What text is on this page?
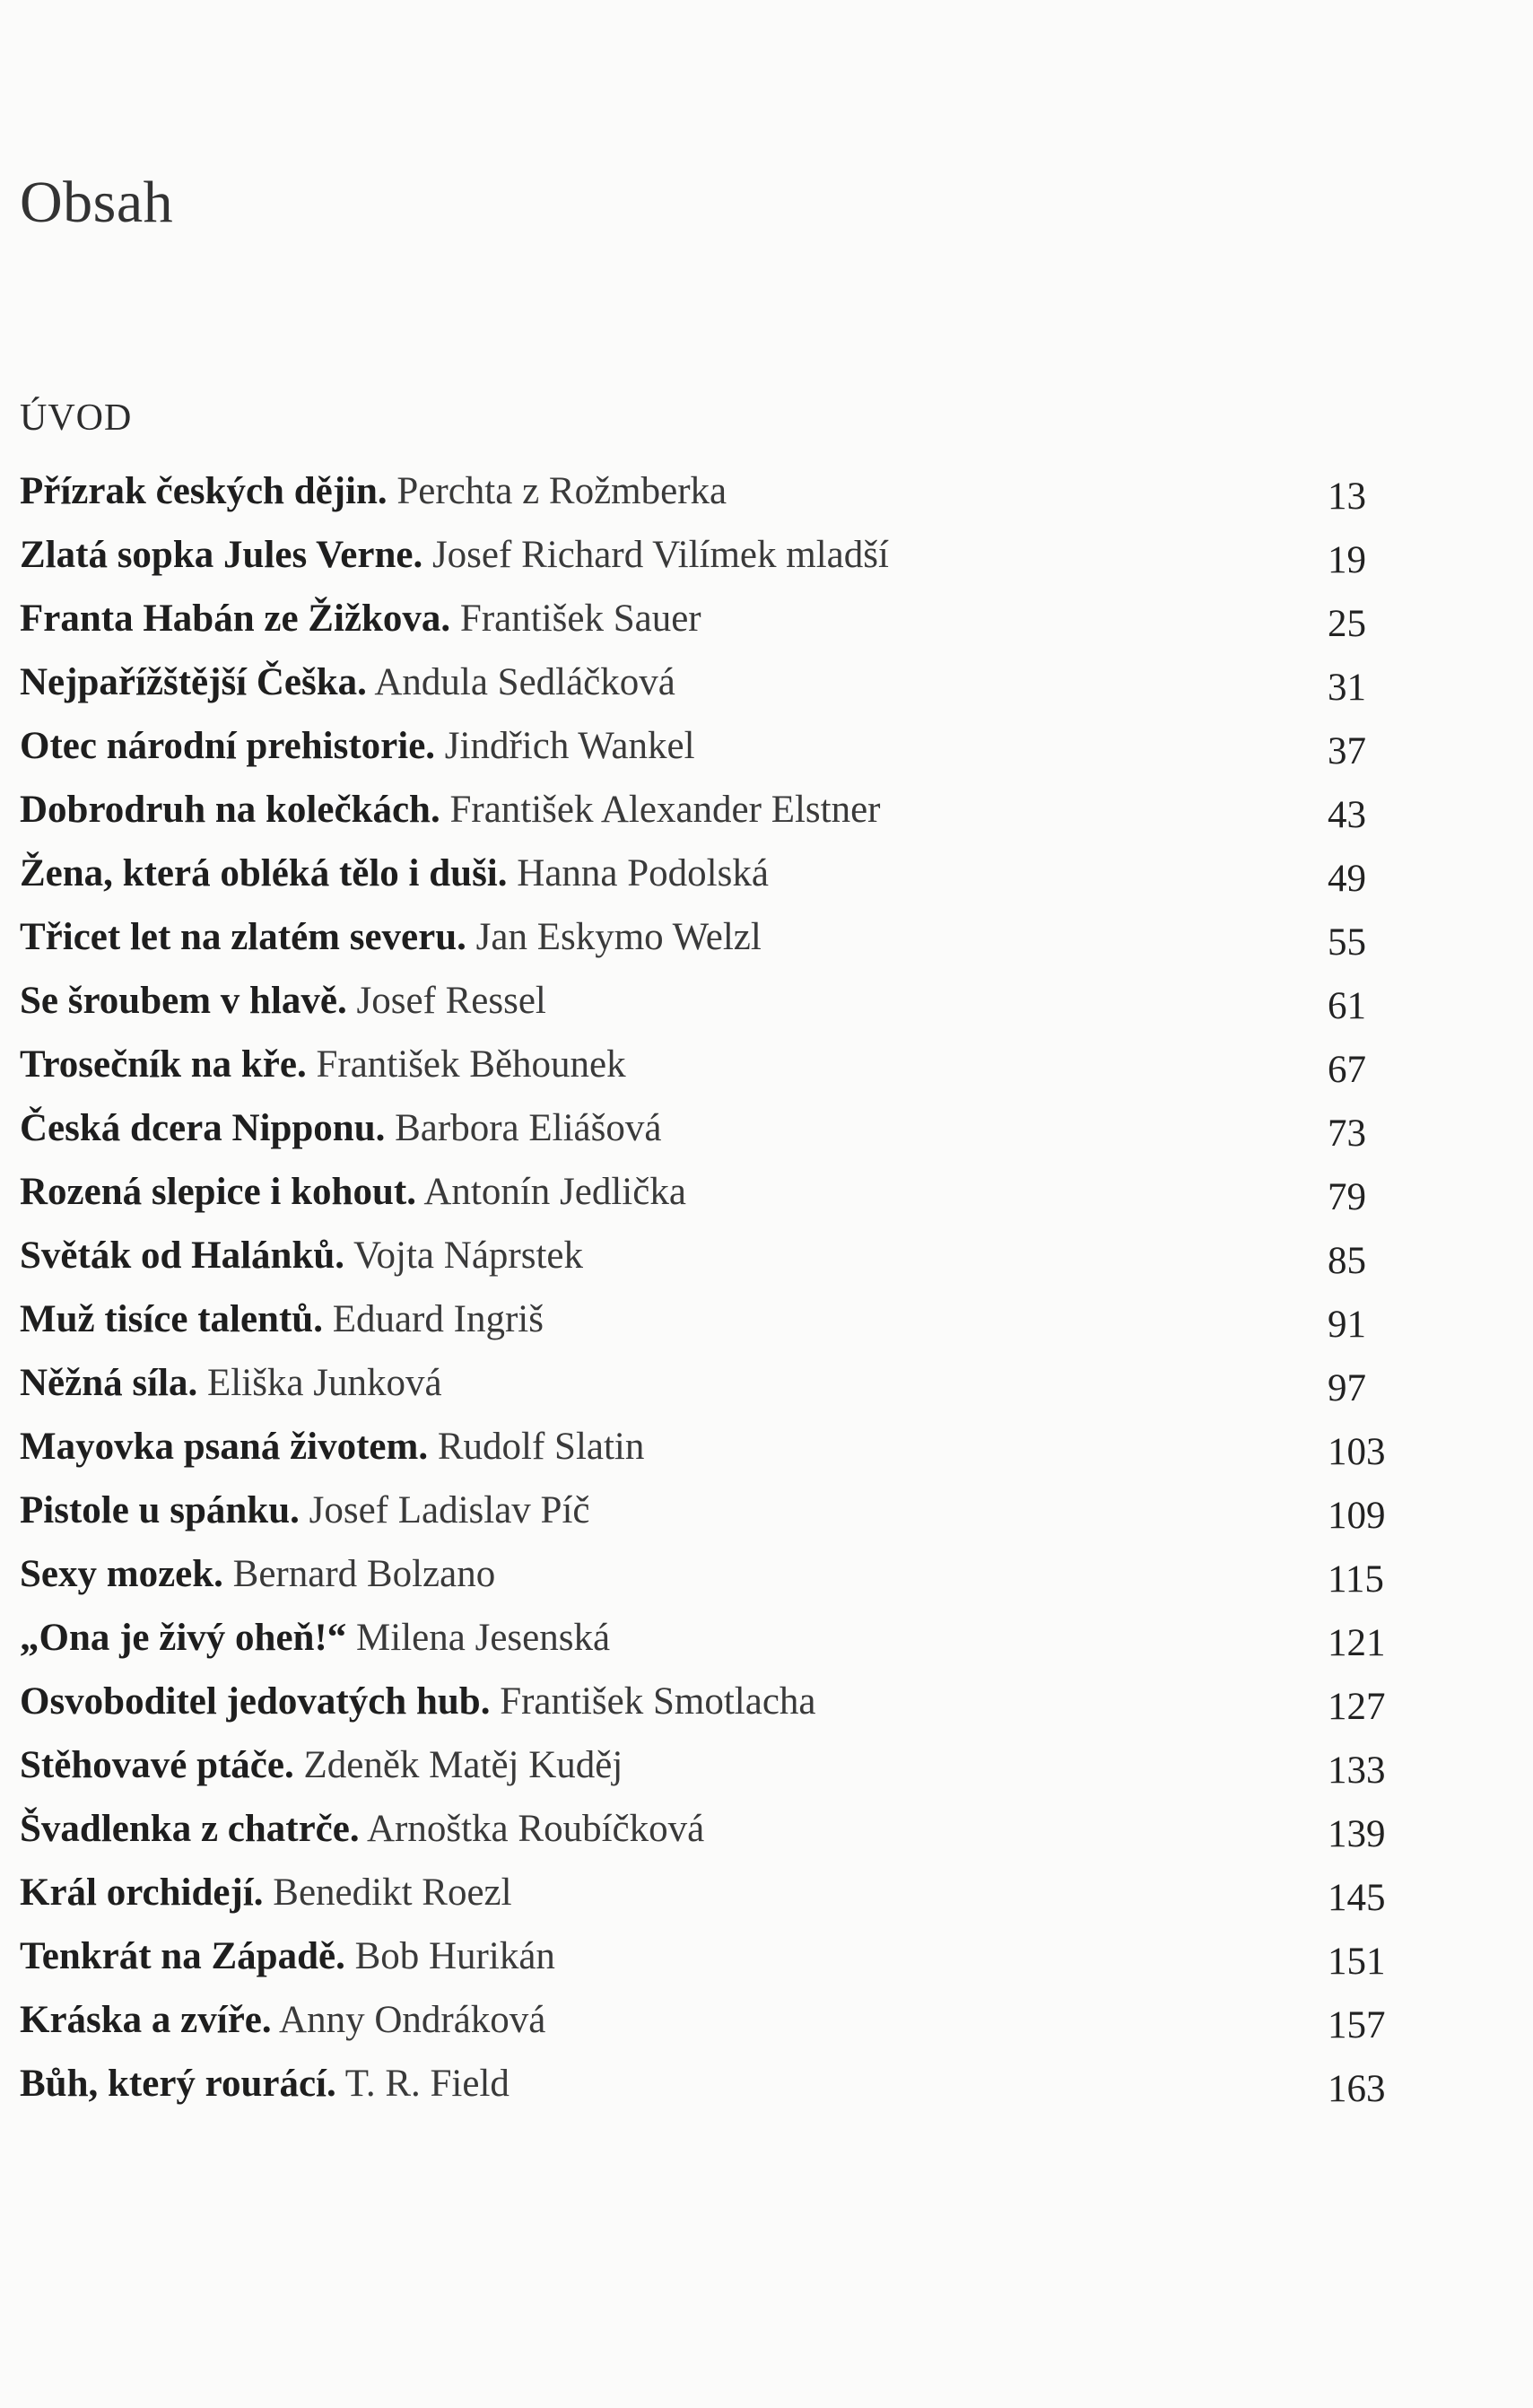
Obsah
ÚVOD
Přízrak českých dějin. Perchta z Rožmberka	13
Zlatá sopka Jules Verne. Josef Richard Vilímek mladší	19
Franta Habán ze Žižkova. František Sauer	25
Nejpařížštější Češka. Andula Sedláčková	31
Otec národní prehistorie. Jindřich Wankel	37
Dobrodruh na kolečkách. František Alexander Elstner	43
Žena, která obléká tělo i duši. Hanna Podolská	49
Třicet let na zlatém severu. Jan Eskymo Welzl	55
Se šroubem v hlavě. Josef Ressel	61
Trosečník na kře. František Běhounek	67
Česká dcera Nipponu. Barbora Eliášová	73
Rozená slepice i kohout. Antonín Jedlička	79
Světák od Halánků. Vojta Náprstek	85
Muž tisíce talentů. Eduard Ingriš	91
Něžná síla. Eliška Junková	97
Mayovka psaná životem. Rudolf Slatin	103
Pistole u spánku. Josef Ladislav Píč	109
Sexy mozek. Bernard Bolzano	115
„Ona je živý oheň!“ Milena Jesenská	121
Osvoboditel jedovatých hub. František Smotlacha	127
Stěhovavé ptáče. Zdeněk Matěj Kuděj	133
Švadlenka z chatrče. Arnoštka Roubíčková	139
Král orchidejí. Benedikt Roezl	145
Tenkrát na Západě. Bob Hurikán	151
Kráska a zvíře. Anny Ondráková	157
Bůh, který rourácí. T. R. Field	163
